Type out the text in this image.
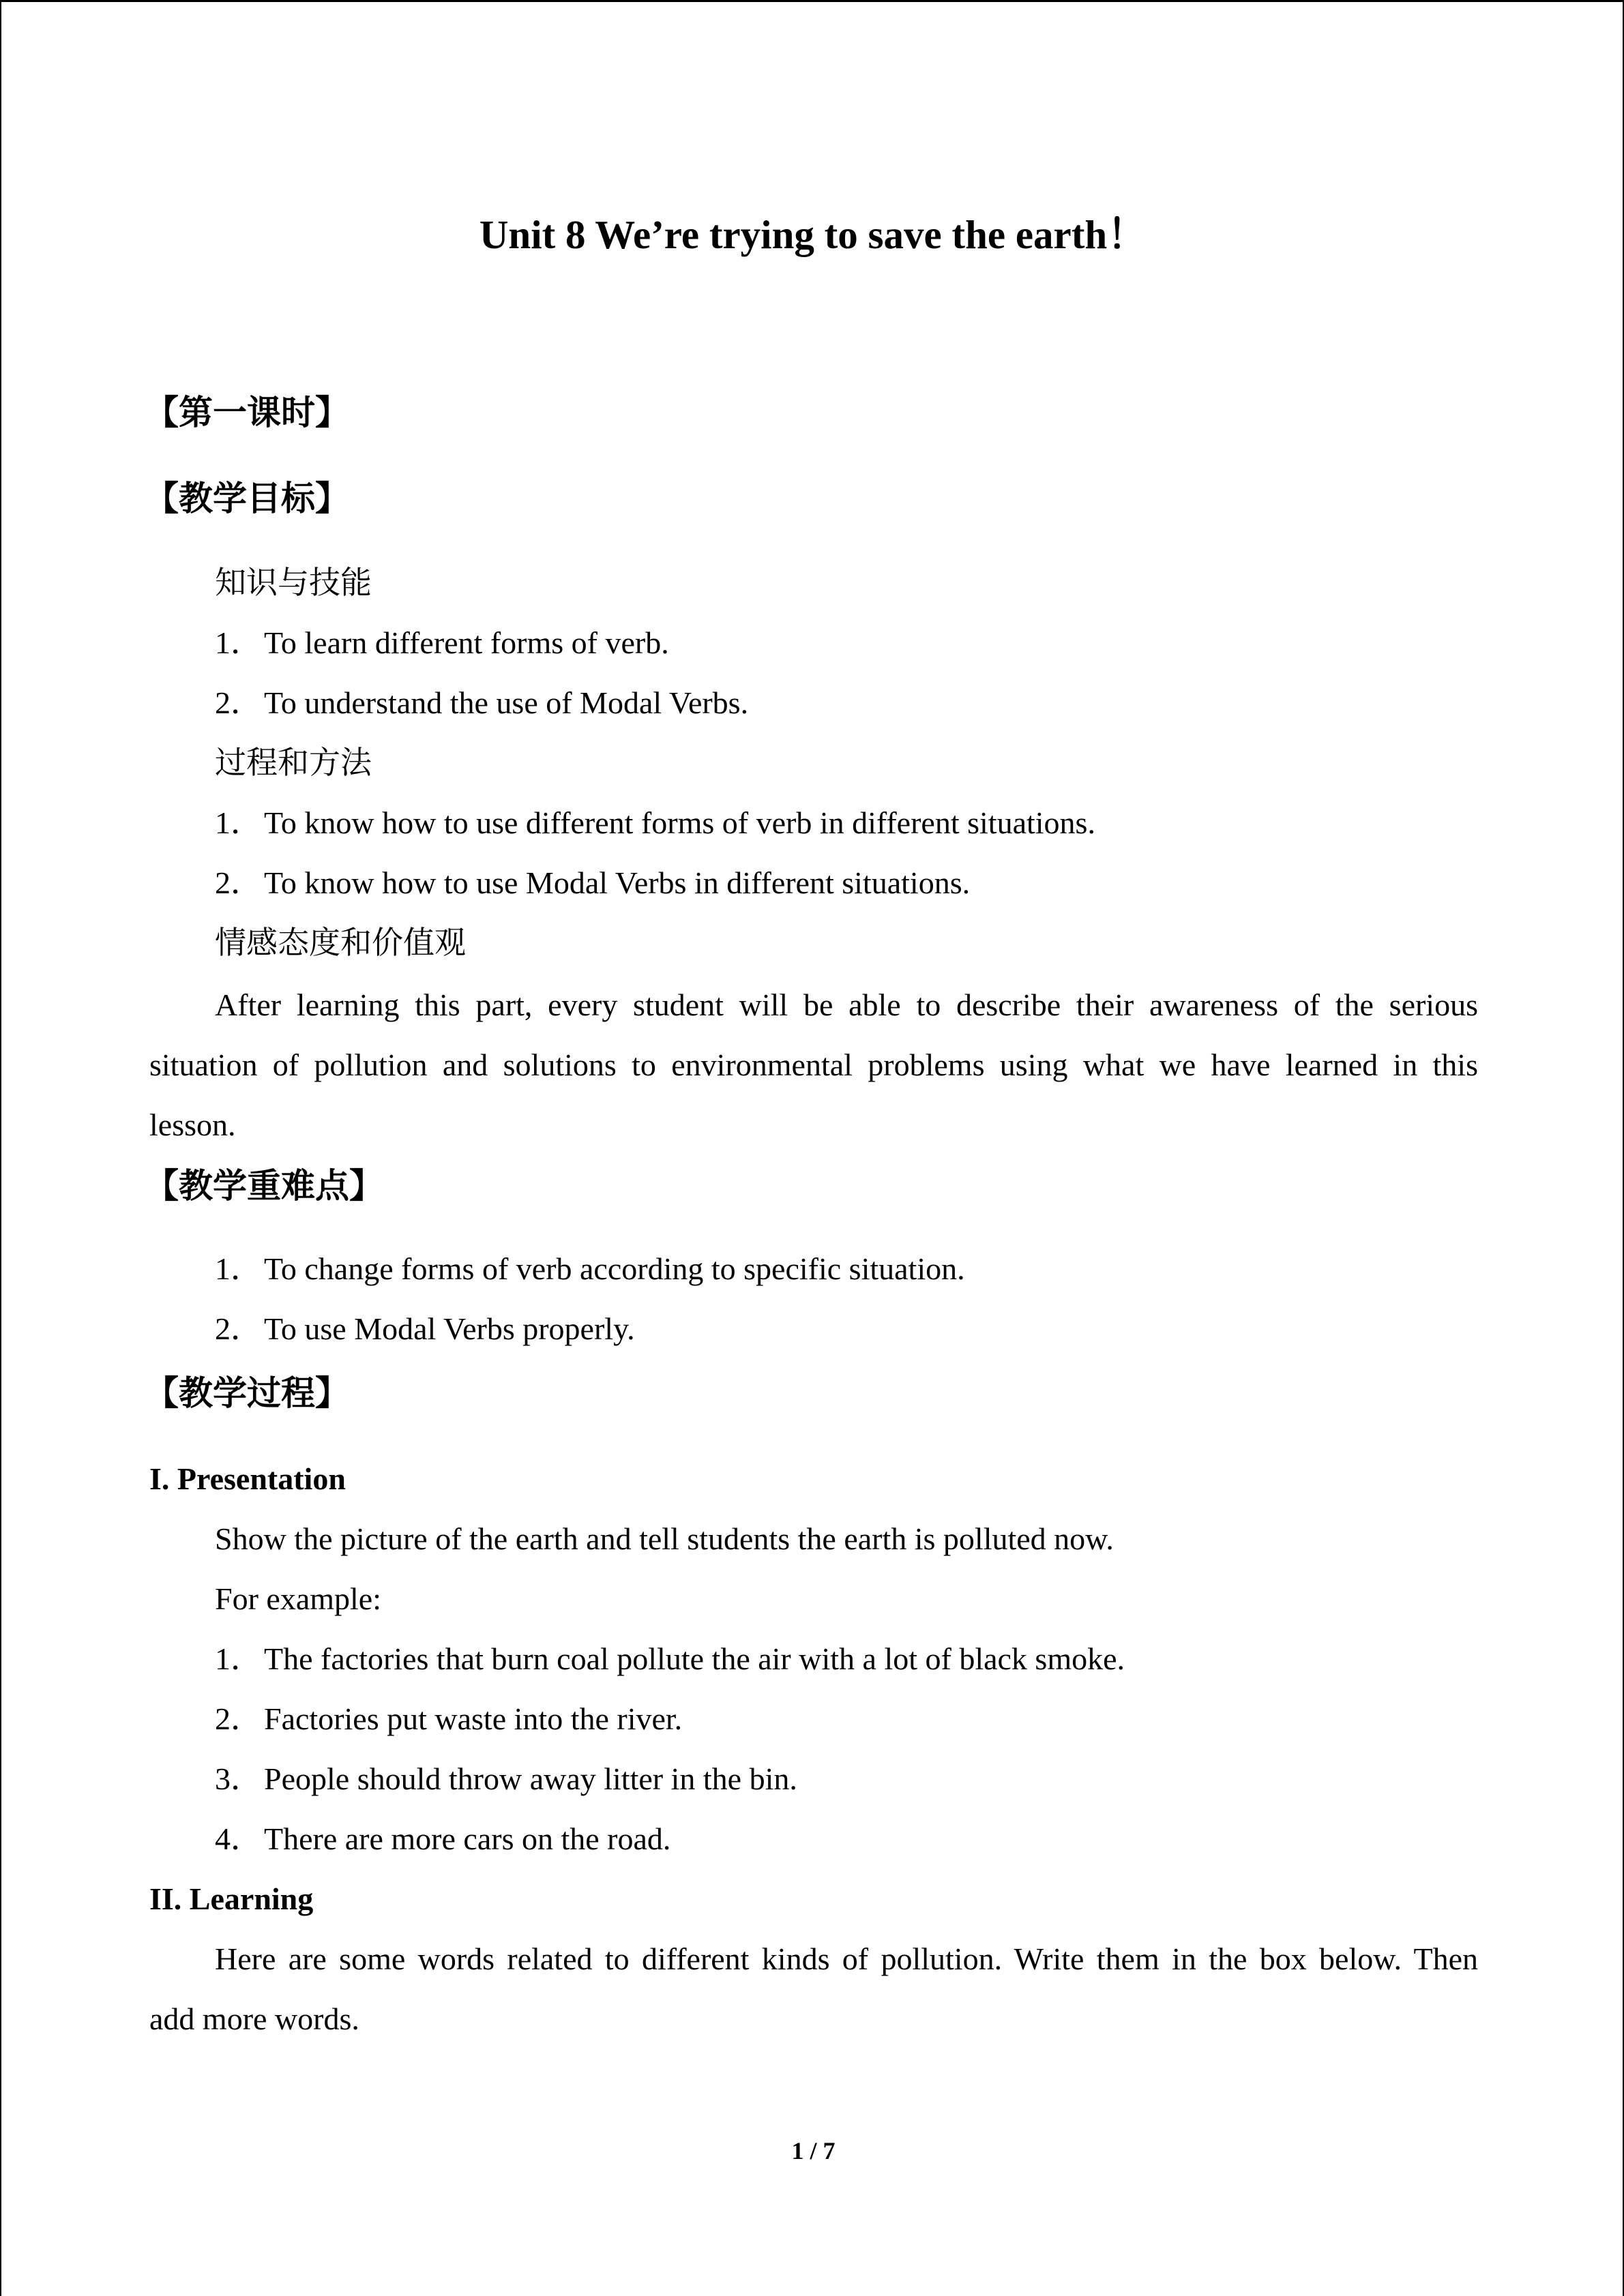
Unit 8 We’re trying to save the earth！
【第一课时】
【教学目标】
知识与技能
1．To learn different forms of verb.
2．To understand the use of Modal Verbs.
过程和方法
1．To know how to use different forms of verb in different situations.
2．To know how to use Modal Verbs in different situations.
情感态度和价值观
After learning this part, every student will be able to describe their awareness of the serious
situation of pollution and solutions to environmental problems using what we have learned in this
lesson.
【教学重难点】
1．To change forms of verb according to specific situation.
2．To use Modal Verbs properly.
【教学过程】
I. Presentation
Show the picture of the earth and tell students the earth is polluted now.
For example:
1．The factories that burn coal pollute the air with a lot of black smoke.
2．Factories put waste into the river.
3．People should throw away litter in the bin.
4．There are more cars on the road.
II. Learning
Here are some words related to different kinds of pollution. Write them in the box below. Then
add more words.
1 / 7
